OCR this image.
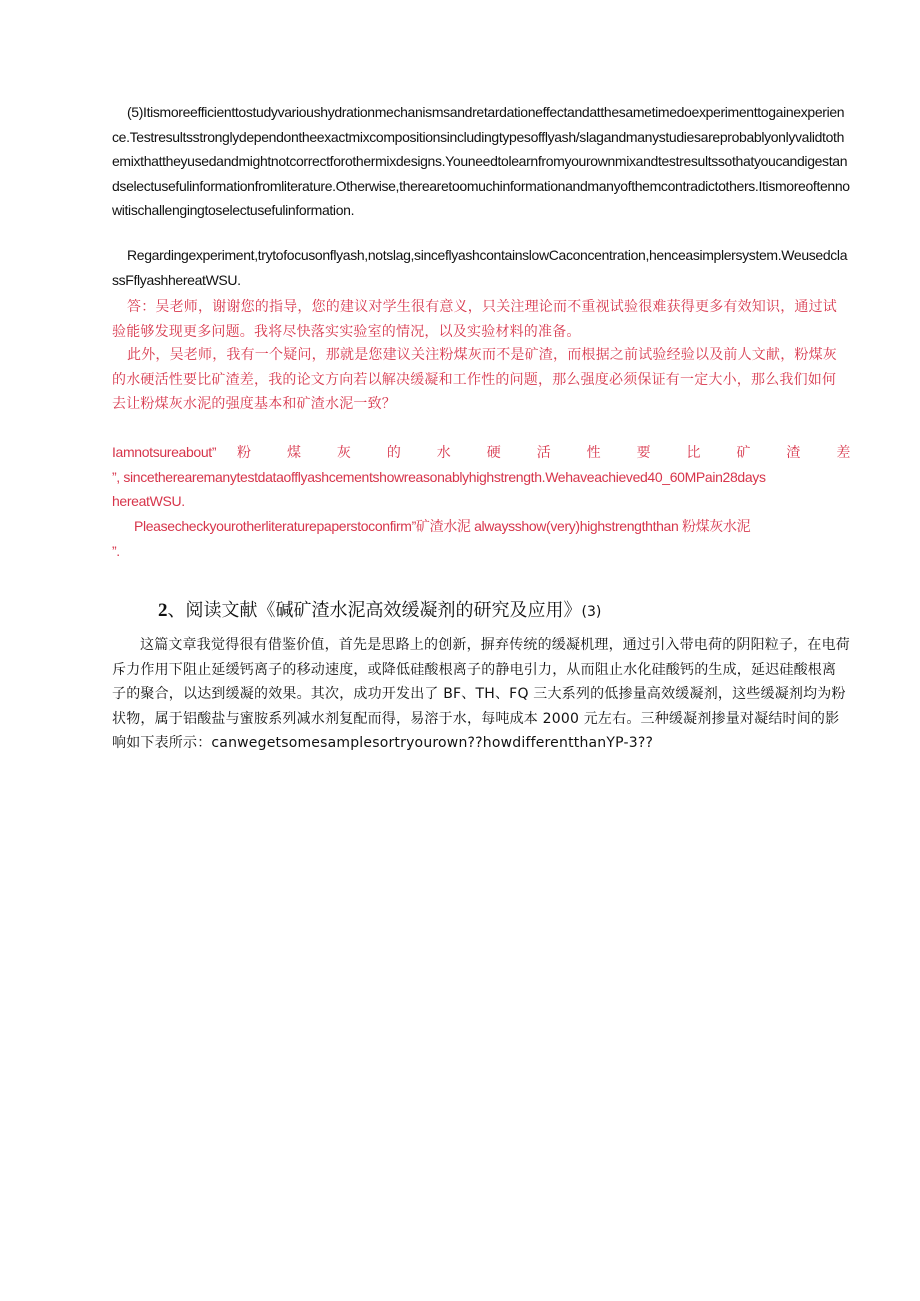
(5)Itismoreefficienttostudyvarioushydrationmechanismsandretardationeffectandatthesametimedoexperimenttogainexperience.Testresultsstronglydependontheexactmixcompositionsincludingtypesofflyash/slagandmanystudiesareprobablyonlyvalidtothemixthattheyusedandmightnotcorrectforothermixdesigns.Youneedtolearnfromyourownmixandtestresultssothatyoucandigestandselectusefulinformationfromliterature.Otherwise,therearetoomuchinformationandmanyofthemcontradictothers.Itismoreoftennowitischallengingtoselectusefulinformation.
Regardingexperiment,trytofocusonflyash,notslag,sinceflyashcontainslowCaconcentration,henceasimplersystem.WeusedclassFflyashhereatWSU.
答：吴老师，谢谢您的指导，您的建议对学生很有意义，只关注理论而不重视试验很难获得更多有效知识，通过试验能够发现更多问题。我将尽快落实实验室的情况，以及实验材料的准备。
此外，吴老师，我有一个疑问，那就是您建议关注粉煤灰而不是矿渣，而根据之前试验经验以及前人文献，粉煤灰的水硬活性要比矿渣差，我的论文方向若以解决缓凝和工作性的问题，那么强度必须保证有一定大小，那么我们如何去让粉煤灰水泥的强度基本和矿渣水泥一致？
Iamnotsureabout” 粉 煤 灰 的 水 硬 活 性 要 比 矿 渣 差
”, sincetherearemanytestdataofflyashcementshowreasonablyhighstrength.Wehaveachieved40_60MPain28days
hereatWSU.
Pleasecheckyourotherliteraturepaperstoconfirm”矿渣水泥 alwaysshow(very)highstrengththan 粉煤灰水泥
”.
2、阅读文献《碱矿渣水泥高效缓凝剂的研究及应用》(3)
这篇文章我觉得很有借鉴价值，首先是思路上的创新，摒弃传统的缓凝机理，通过引入带电荷的阴阳粒子，在电荷斥力作用下阻止延缓钙离子的移动速度，或降低硅酸根离子的静电引力，从而阻止水化硅酸钙的生成，延迟硅酸根离子的聚合，以达到缓凝的效果。其次，成功开发出了 BF、TH、FQ 三大系列的低掺量高效缓凝剂，这些缓凝剂均为粉状物，属于铝酸盐与蜜胺系列减水剂复配而得，易溶于水，每吨成本 2000 元左右。三种缓凝剂掺量对凝结时间的影响如下表所示：canwegetsomesamplesortryourown??howdifferentthanYP-3??
